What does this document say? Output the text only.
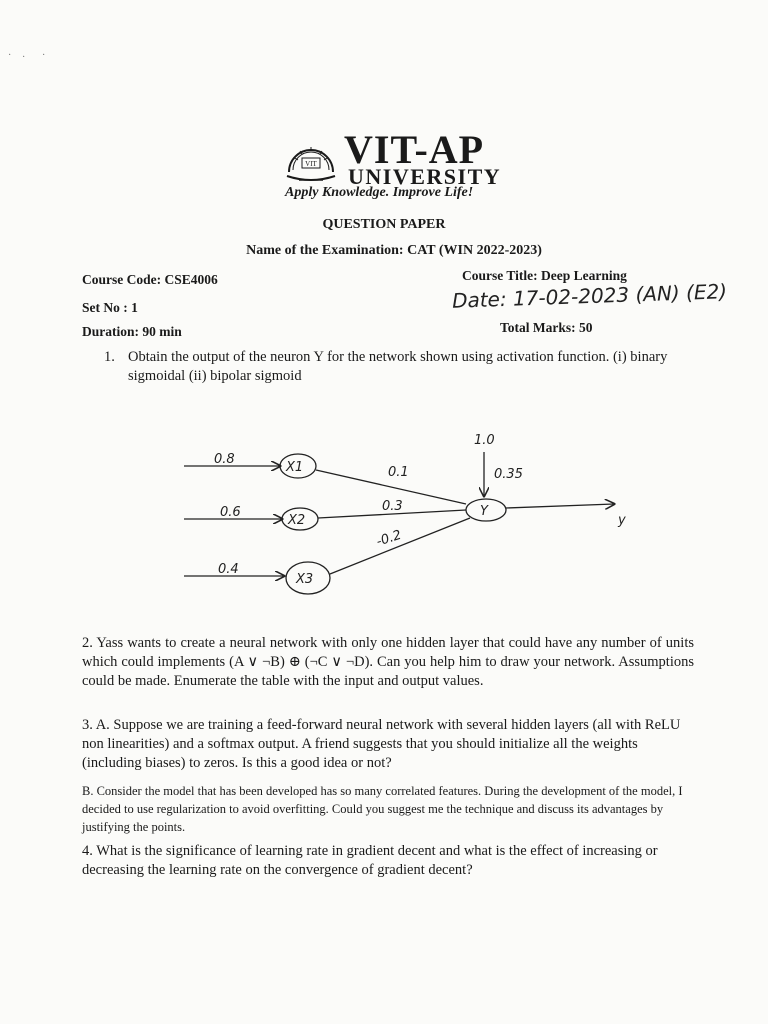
VIT VIT-AP
UNIVERSITY
Apply Knowledge. Improve Life!
QUESTION PAPER
Name of the Examination: CAT (WIN 2022-2023)
Course Code: CSE4006	Course Title: Deep Learning
Set No : 1	Date: 17-02-2023 (AN) (E2)
Duration: 90 min	Total Marks: 50
1. Obtain the output of the neuron Y for the network shown using activation function. (i) binary sigmoidal (ii) bipolar sigmoid
0.8
0.6
0.4
X1
X2
X3
0.1
0.3
-0.2
1.0
0.35
Y
y
2. Yass wants to create a neural network with only one hidden layer that could have any number of units which could implements (A ∨ ¬B) ⊕ (¬C ∨ ¬D). Can you help him to draw your network. Assumptions could be made. Enumerate the table with the input and output values.
3. A. Suppose we are training a feed-forward neural network with several hidden layers (all with ReLU non linearities) and a softmax output. A friend suggests that you should initialize all the weights (including biases) to zeros. Is this a good idea or not?
B. Consider the model that has been developed has so many correlated features. During the development of the model, I decided to use regularization to avoid overfitting. Could you suggest me the technique and discuss its advantages by justifying the points.
4. What is the significance of learning rate in gradient decent and what is the effect of increasing or decreasing the learning rate on the convergence of gradient decent?
· · ·
